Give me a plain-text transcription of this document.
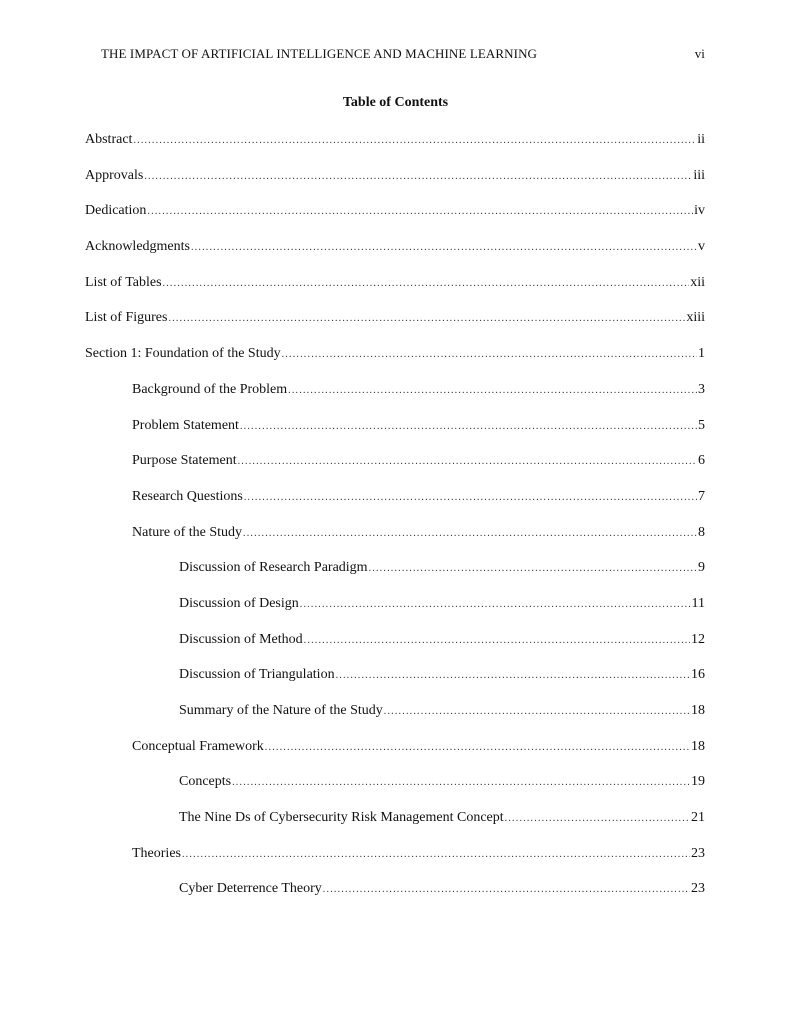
THE IMPACT OF ARTIFICIAL INTELLIGENCE AND MACHINE LEARNING	vi
Table of Contents
Abstract .....	ii
Approvals .....	iii
Dedication .....	iv
Acknowledgments .....	v
List of Tables .....	xii
List of Figures .....	xiii
Section 1: Foundation of the Study .....	1
Background of the Problem .....	3
Problem Statement .....	5
Purpose Statement .....	6
Research Questions .....	7
Nature of the Study .....	8
Discussion of Research Paradigm .....	9
Discussion of Design .....	11
Discussion of Method .....	12
Discussion of Triangulation .....	16
Summary of the Nature of the Study .....	18
Conceptual Framework .....	18
Concepts .....	19
The Nine Ds of Cybersecurity Risk Management Concept .....	21
Theories .....	23
Cyber Deterrence Theory .....	23
